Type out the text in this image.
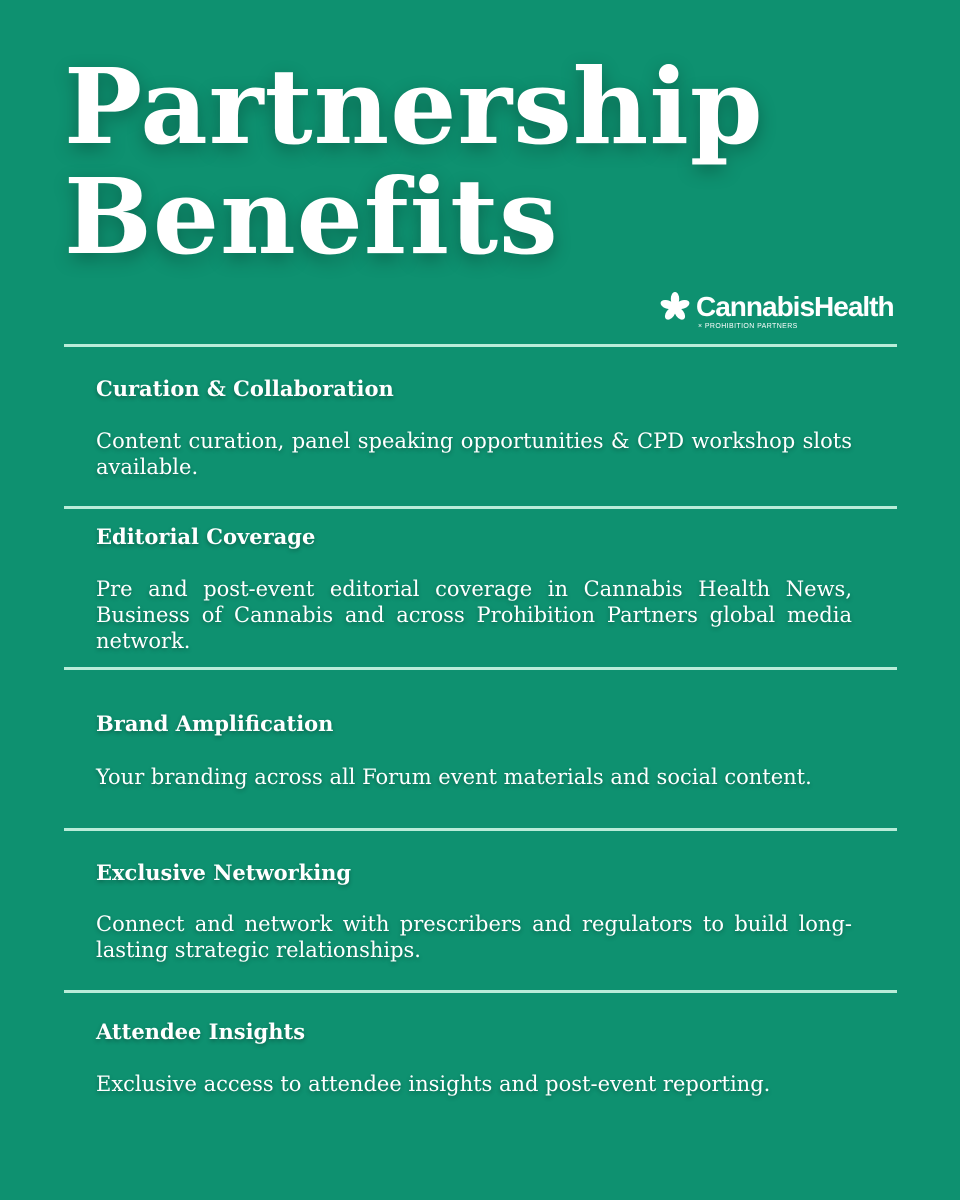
Partnership
Benefits
CannabisHealth
× PROHIBITION PARTNERS
Curation & Collaboration

Content curation, panel speaking opportunities & CPD workshop slots available.

Editorial Coverage

Pre and post-event editorial coverage in Cannabis Health News, Business of Cannabis and across Prohibition Partners global media network.

Brand Amplification

Your branding across all Forum event materials and social content.

Exclusive Networking

Connect and network with prescribers and regulators to build long-lasting strategic relationships.

Attendee Insights

Exclusive access to attendee insights and post-event reporting.
